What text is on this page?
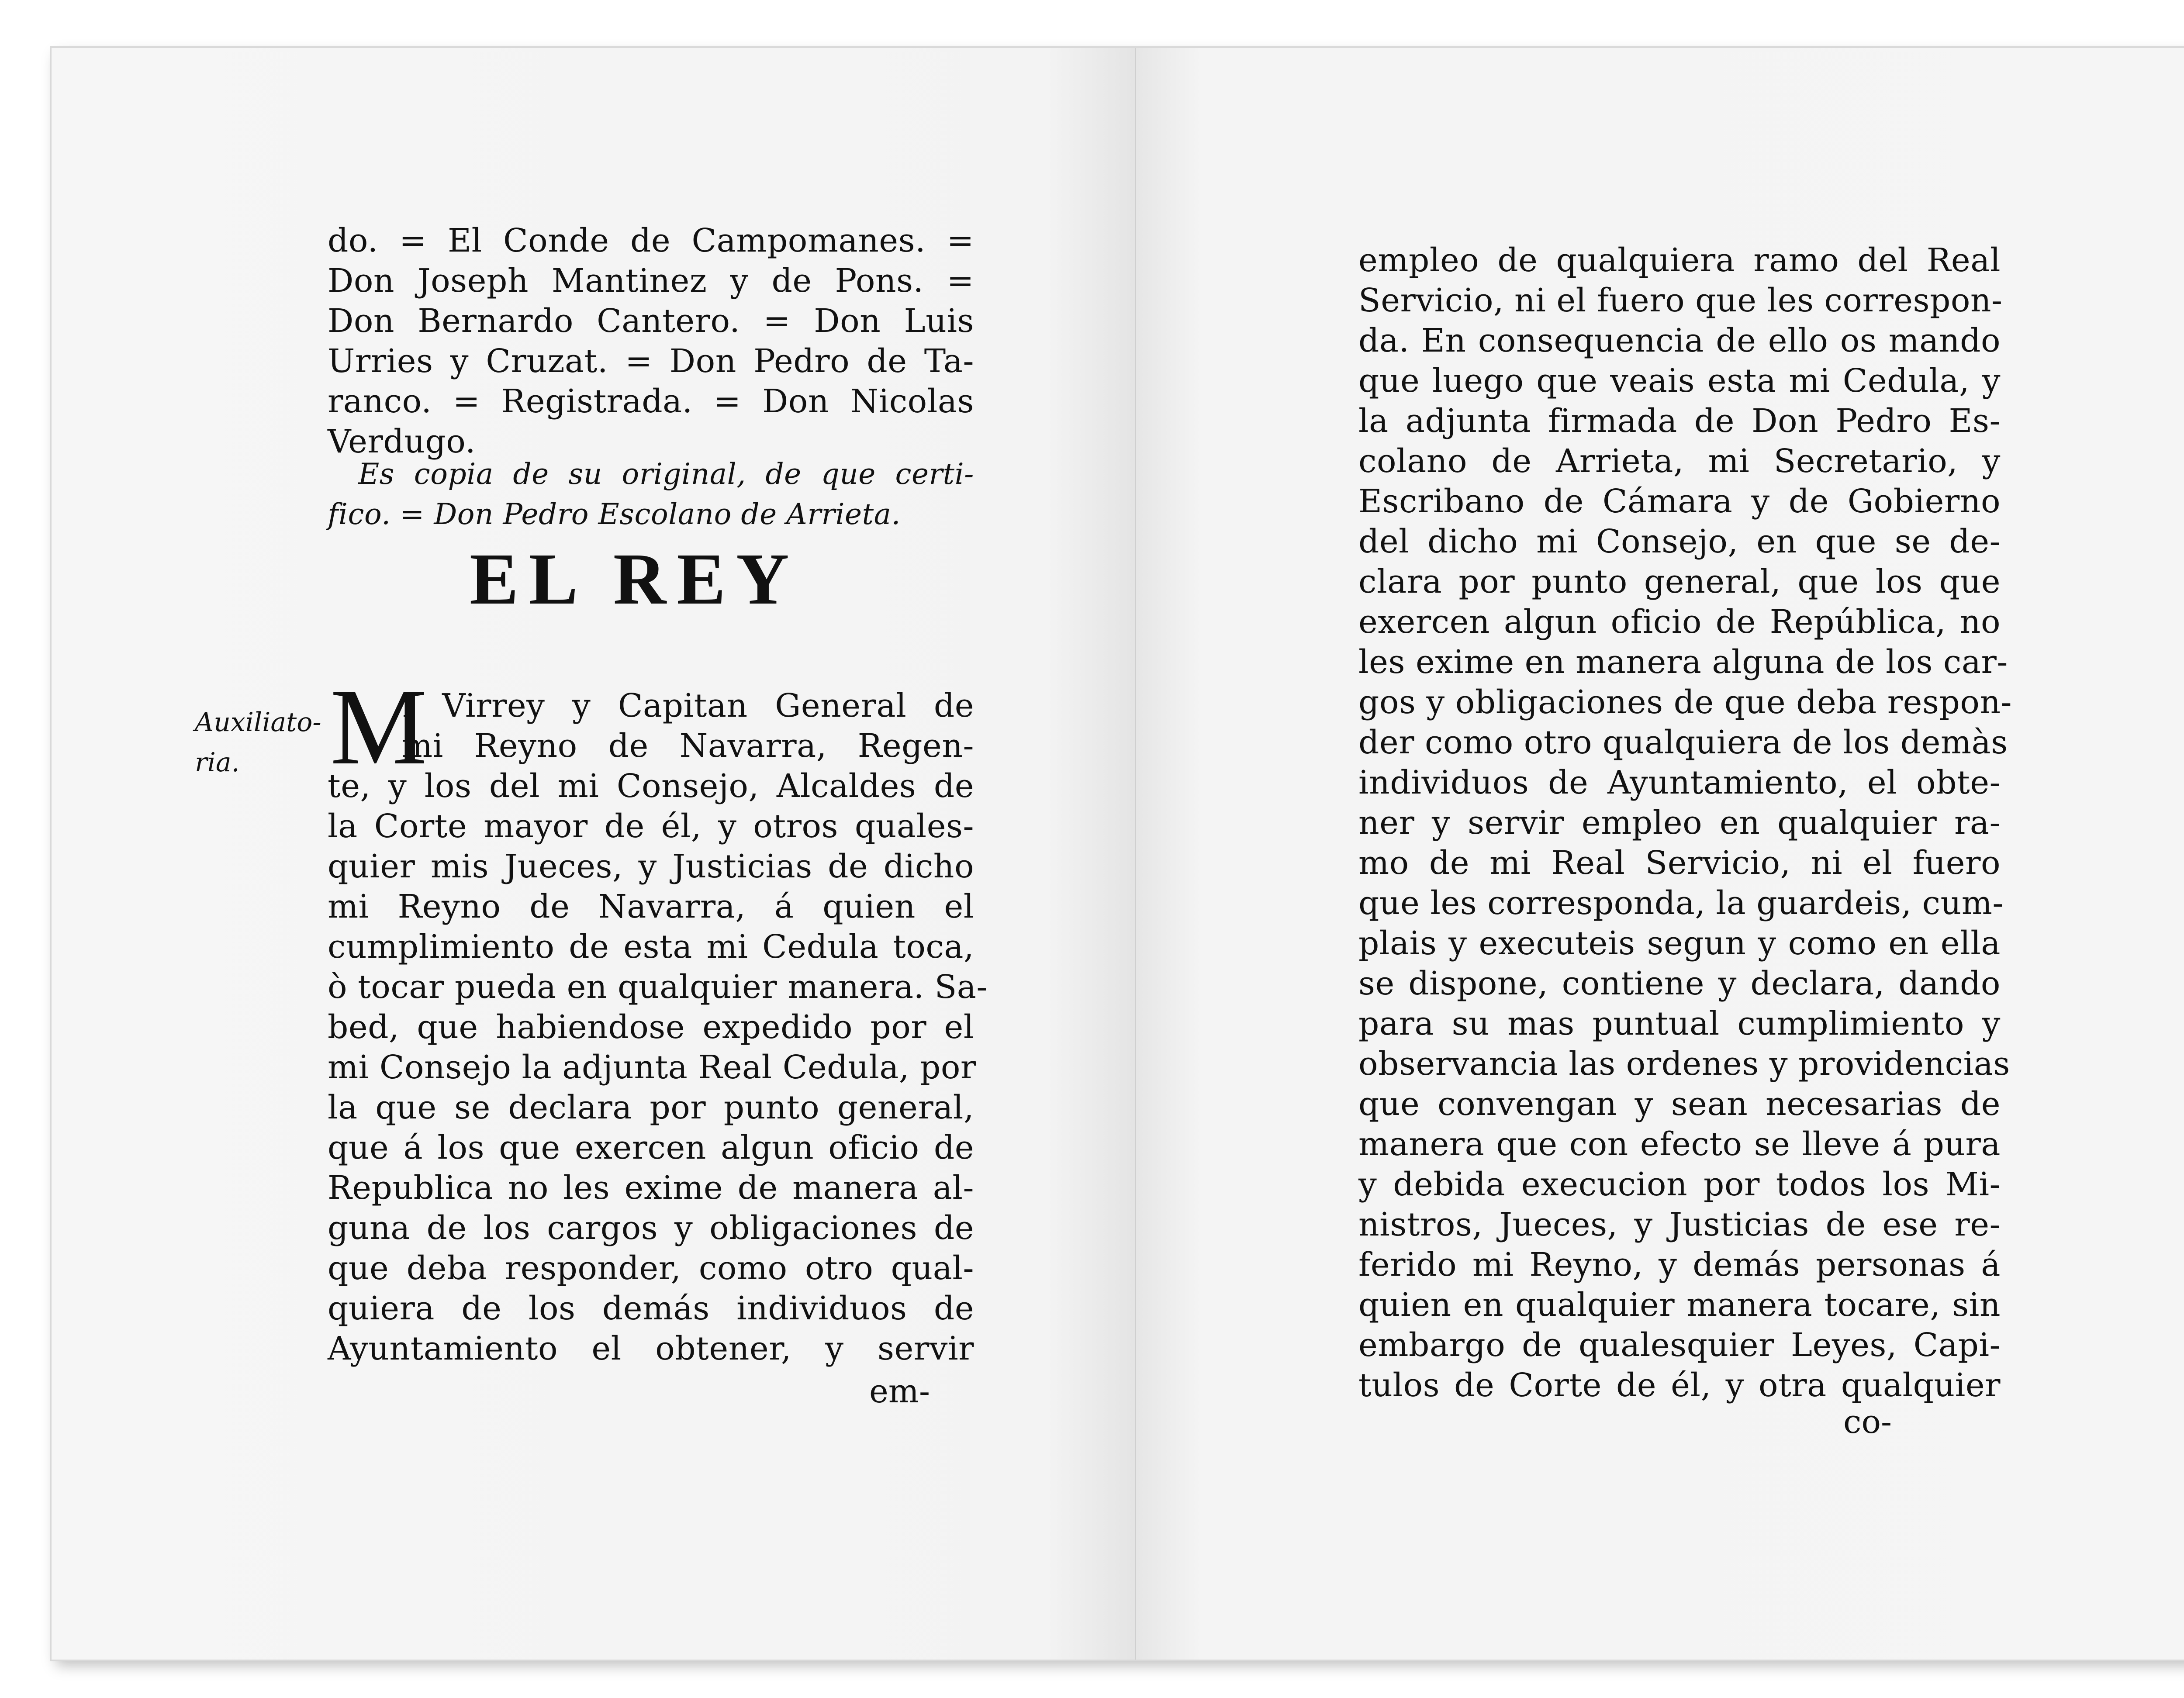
do. = El Conde de Campomanes. =
Don Joseph Mantinez y de Pons. =
Don Bernardo Cantero. = Don Luis
Urries y Cruzat. = Don Pedro de Ta-
ranco. = Registrada. = Don Nicolas
Verdugo.
Es copia de su original, de que certi-
fico. = Don Pedro Escolano de Arrieta.
EL REY
Auxiliato-
ria. M
I Virrey y Capitan General de
mi Reyno de Navarra, Regen-
te, y los del mi Consejo, Alcaldes de
la Corte mayor de él, y otros quales-
quier mis Jueces, y Justicias de dicho
mi Reyno de Navarra, á quien el
cumplimiento de esta mi Cedula toca,
ò tocar pueda en qualquier manera. Sa-
bed, que habiendose expedido por el
mi Consejo la adjunta Real Cedula, por
la que se declara por punto general,
que á los que exercen algun oficio de
Republica no les exime de manera al-
guna de los cargos y obligaciones de
que deba responder, como otro qual-
quiera de los demás individuos de
Ayuntamiento el obtener, y servir
em-
empleo de qualquiera ramo del Real
Servicio, ni el fuero que les correspon-
da. En consequencia de ello os mando
que luego que veais esta mi Cedula, y
la adjunta firmada de Don Pedro Es-
colano de Arrieta, mi Secretario, y
Escribano de Cámara y de Gobierno
del dicho mi Consejo, en que se de-
clara por punto general, que los que
exercen algun oficio de República, no
les exime en manera alguna de los car-
gos y obligaciones de que deba respon-
der como otro qualquiera de los demàs
individuos de Ayuntamiento, el obte-
ner y servir empleo en qualquier ra-
mo de mi Real Servicio, ni el fuero
que les corresponda, la guardeis, cum-
plais y executeis segun y como en ella
se dispone, contiene y declara, dando
para su mas puntual cumplimiento y
observancia las ordenes y providencias
que convengan y sean necesarias de
manera que con efecto se lleve á pura
y debida execucion por todos los Mi-
nistros, Jueces, y Justicias de ese re-
ferido mi Reyno, y demás personas á
quien en qualquier manera tocare, sin
embargo de qualesquier Leyes, Capi-
tulos de Corte de él, y otra qualquier
co-
